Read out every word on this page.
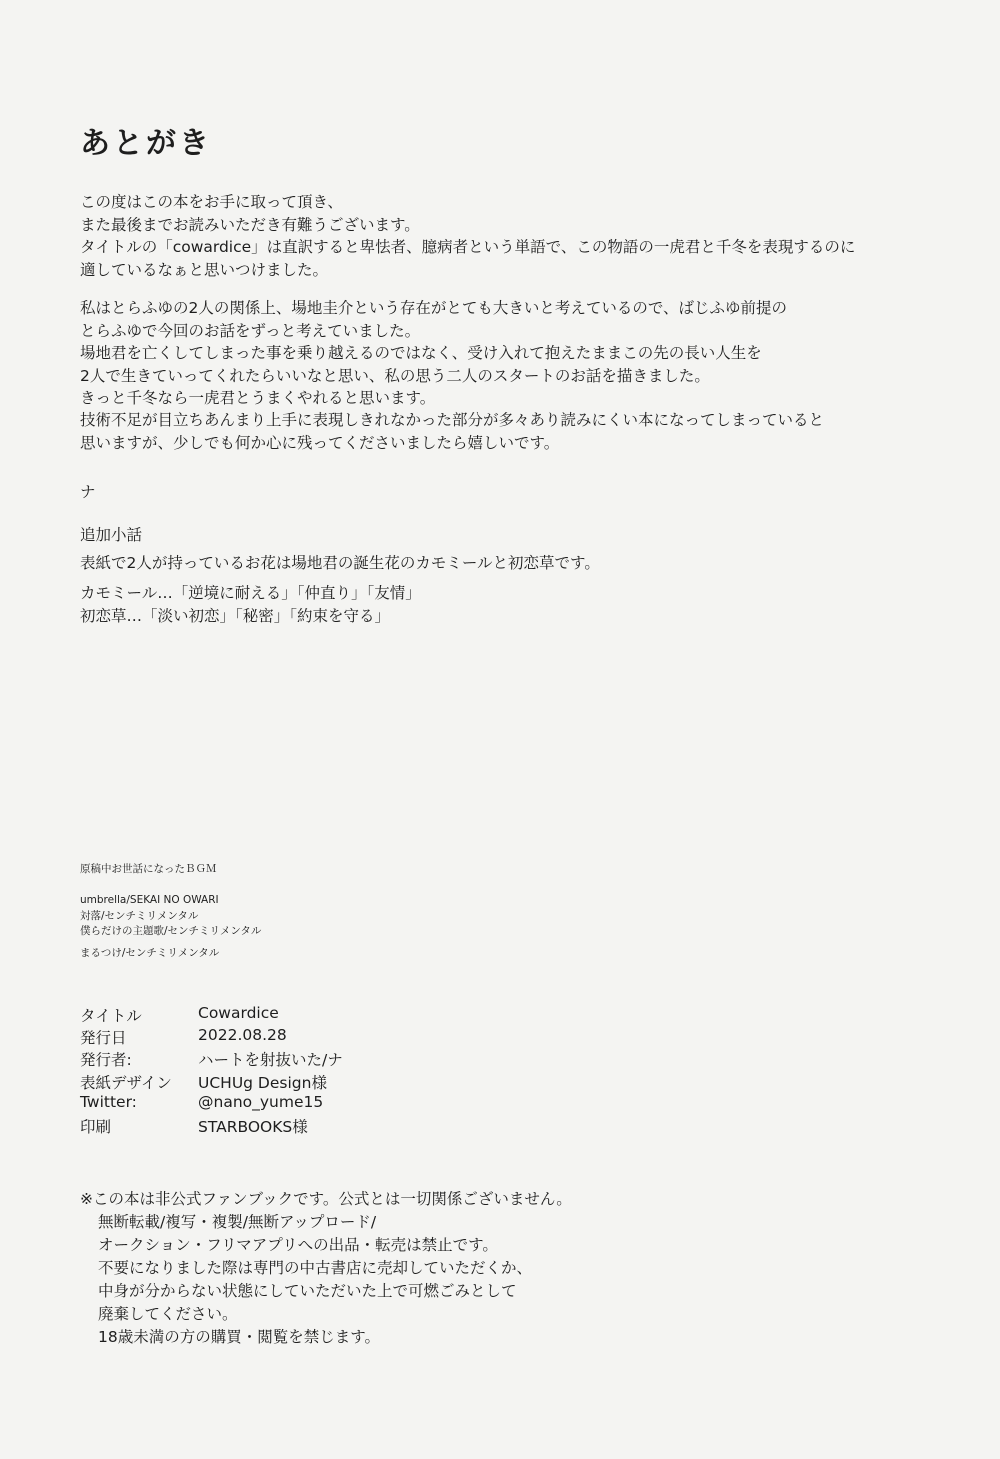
あとがき
この度はこの本をお手に取って頂き、
また最後までお読みいただき有難うございます。
タイトルの「cowardice」は直訳すると卑怯者、臆病者という単語で、この物語の一虎君と千冬を表現するのに
適しているなぁと思いつけました。
私はとらふゆの2人の関係上、場地圭介という存在がとても大きいと考えているので、ばじふゆ前提の
とらふゆで今回のお話をずっと考えていました。
場地君を亡くしてしまった事を乗り越えるのではなく、受け入れて抱えたままこの先の長い人生を
2人で生きていってくれたらいいなと思い、私の思う二人のスタートのお話を描きました。
きっと千冬なら一虎君とうまくやれると思います。
技術不足が目立ちあんまり上手に表現しきれなかった部分が多々あり読みにくい本になってしまっていると
思いますが、少しでも何か心に残ってくださいましたら嬉しいです。
ナ
追加小話
表紙で2人が持っているお花は場地君の誕生花のカモミールと初恋草です。
カモミール…「逆境に耐える」「仲直り」「友情」
初恋草…「淡い初恋」「秘密」「約束を守る」
原稿中お世話になったＢＧＭ
umbrella/SEKAI NO OWARI
対落/センチミリメンタル
僕らだけの主題歌/センチミリメンタル
まるつけ/センチミリメンタル
タイトル	Cowardice
発行日	2022.08.28
発行者:	ハートを射抜いた/ナ
表紙デザイン	UCHUg Design様
Twitter:	@nano_yume15
印刷	STARBOOKS様
※この本は非公式ファンブックです。公式とは一切関係ございません。
無断転載/複写・複製/無断アップロード/
オークション・フリマアプリへの出品・転売は禁止です。
不要になりました際は専門の中古書店に売却していただくか、
中身が分からない状態にしていただいた上で可燃ごみとして
廃棄してください。
18歳未満の方の購買・閲覧を禁じます。
